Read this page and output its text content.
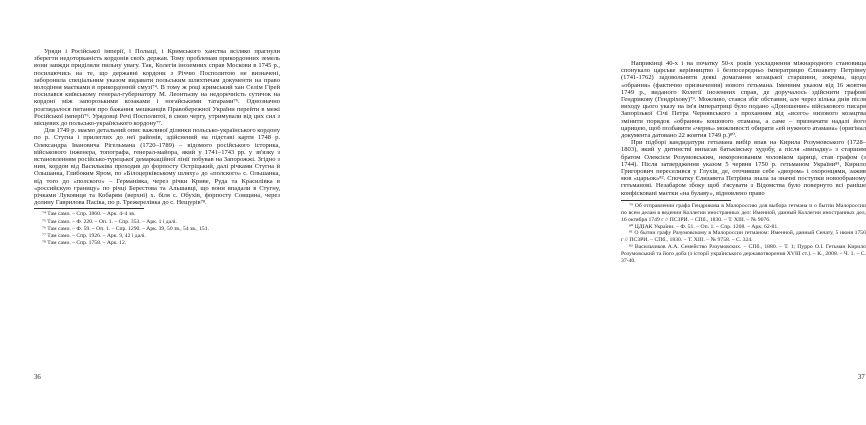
Уряди і Російської імперії, і Польщі, і Кримського ханства всіляко прагнули зберегти недоторканість кордонів своїх держав. Тому проблемам прикордонних земель вони завжди приділяли пильну увагу. Так, Колегія іноземних справ Москови в 1745 р., посилаючись на те, що державні кордони з Річчю Посполитою не визначені, заборонила спеціальним указом видавати польським шляхтичам документи на право володіння маєтками в прикордонній смузі⁷⁴. В тому ж році кримський хан Селім Гірей посилався київському генерал-губернатору М. Леонтьєву на недоречність сутичок на кордоні між запорозькими козаками і ногайськими татарами⁷⁵. Однозначно розглядалося питання про бажання мешканців Правобережної України перейти в межі Російської імперії⁷⁶. Урядовці Речі Посполитої, в свою чергу, утримували від цих сил з місцевих до польсько-українського кордону⁷⁷.

Для 1749 р. маємо детальний опис важливої ділянки польсько-українського кордону по р. Стугна і прилеглих до неї районів, здійснений на підставі карти 1748 р. Олександра Івановича Рігельмана (1720–1789) – відомого російського історика, військового інженера, топографа, генерал-майора, який у 1741–1743 рр. у зв'язку з встановленням російсько-турецької демаркаційної лінії побував на Запорожжі. Згідно з ним, кордон від Васильківа проходив до форпосту Остріцький, далі річками Стугна й Ольшанка, Глибоким Яром, по «Білоцерківському шляху» до «полского» с. Ольшанка, від того до «полского» – Германівка, через річки Криве, Руда та Красилівка в «российскую границу» по річці Берестова та Альшавці, що вони впадали в Стугну, річками Луковиця та Кобарям (верхні) х. біля с. Обухів, форпосту Совщина, через долину Гаврилова Пасіка, по р. Трежерелівка до с. Нещурів⁷⁸.

⁷⁴ Там само. – Спр. 3860. – Арк. 4–4 зв.

⁷⁵ Там само. – Ф. 220. – Оп. 1. – Спр. 353. – Арк. 1 і далі.

⁷⁶ Там само. – Ф. 59. – Оп. 1. – Спр. 1290. – Арк. 39, 50 зв., 54 зв., 151.

⁷⁷ Там само. – Спр. 1926. – Арк. 9, 42 і далі.

⁷⁸ Там само. – Спр. 1758. – Арк. 12.

36

Наприкінці 40-х і на початку 50-х років ускладнення міжнародного становища спонукало царське керівництво і безпосередньо імператрицю Єлизавету Петрівну (1741-1762) задовольнити деякі домагання козацької старшини, зокрема, щодо «обрання» (фактично призначення) нового гетьмана. Іменним указом від 16 жовтня 1749 р., виданого Колегії іноземних справ, де доручалось здійснити графові Гендрикову (Гендріхову)⁷⁹. Можливо, стався збіг обставин, але через кілька днів після виходу цього указу на ім'я імператриці було подано «Доношение» військового писаря Запорізької Січі Петра Чернявського з проханням від «всего» низового козацтва змінити порядок «обрання» кошового отамана, а саме – призначати надалі його царицею, щоб позбавити «чернь» можливості обирати «ей нужного атамана» (оригінал документа датовано 22 жовтня 1749 р.)⁸⁰.

При підборі кандидатури гетьмана вибір впав на Кирила Розумовського (1728–1803), який у дитинстві випасав батьківську худобу, а після «випадку» з старшим братом Олексієм Розумовським, некоронованим чоловіком цариці, став графом (з 1744). Після затвердження указом 5 червня 1750 р. гетьманом України⁸¹, Кирило Григорович переселився у Глухів, де, оточивши себе «двором» і охоронцями, зажив мов «царьок»⁸². Спочатку Єлизавета Петрівна знала за значні поступки новообраному гетьманові. Незабаром збоку щоб з'ясувати з Відомства було повернуто всі раніше конфісковані маєтки «на булаву», відновлено право

⁷⁹ Об отправлении графа Гендрикова в Малороссию для выбора гетмана и о бытии Малороссии по всем делам в ведении Коллегии иностранных дел: Именной, данный Коллегии иностранных дел, 16 октября 1749 г // ПСЗРИ. – СПб., 1830. – Т. XIII. – № 9676.

⁸⁰ ЦДІАК України. – Ф. 51. – Оп. 1. – Спр. 1208. – Арк. 62-81.

⁸¹ О бытии графу Разумовскому в Малороссии гетманом: Именной, данный Сенату, 5 июня 1750 г // ПСЗРИ. – СПб., 1830. – Т. XIII. – № 9758. – С. 324.

⁸² Васильчиков А.А. Семейство Разумовских. – СПб., 1880. – Т. 1; Пурро О.І. Гетьман Кирило Розумовський та його доба (з історії українського державотворення XVIII ст.). – К., 2008. – Ч. 1. – С. 37-40.

37
